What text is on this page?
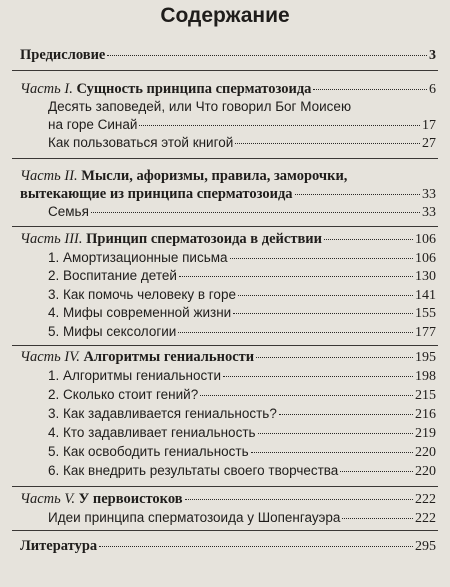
Содержание
Предисловие	3
Часть I. Сущность принципа сперматозоида	6
Десять заповедей, или Что говорил Бог Моисею
на горе Синай	17
Как пользоваться этой книгой	27
Часть II. Мысли, афоризмы, правила, заморочки,
вытекающие из принципа сперматозоида	33
Семья	33
Часть III. Принцип сперматозоида в действии	106
1. Амортизационные письма	106
2. Воспитание детей	130
3. Как помочь человеку в горе	141
4. Мифы современной жизни	155
5. Мифы сексологии	177
Часть IV. Алгоритмы гениальности	195
1. Алгоритмы гениальности	198
2. Сколько стоит гений?	215
3. Как задавливается гениальность?	216
4. Кто задавливает гениальность	219
5. Как освободить гениальность	220
6. Как внедрить результаты своего творчества	220
Часть V. У первоистоков	222
Идеи принципа сперматозоида у Шопенгауэра	222
Литература	295
